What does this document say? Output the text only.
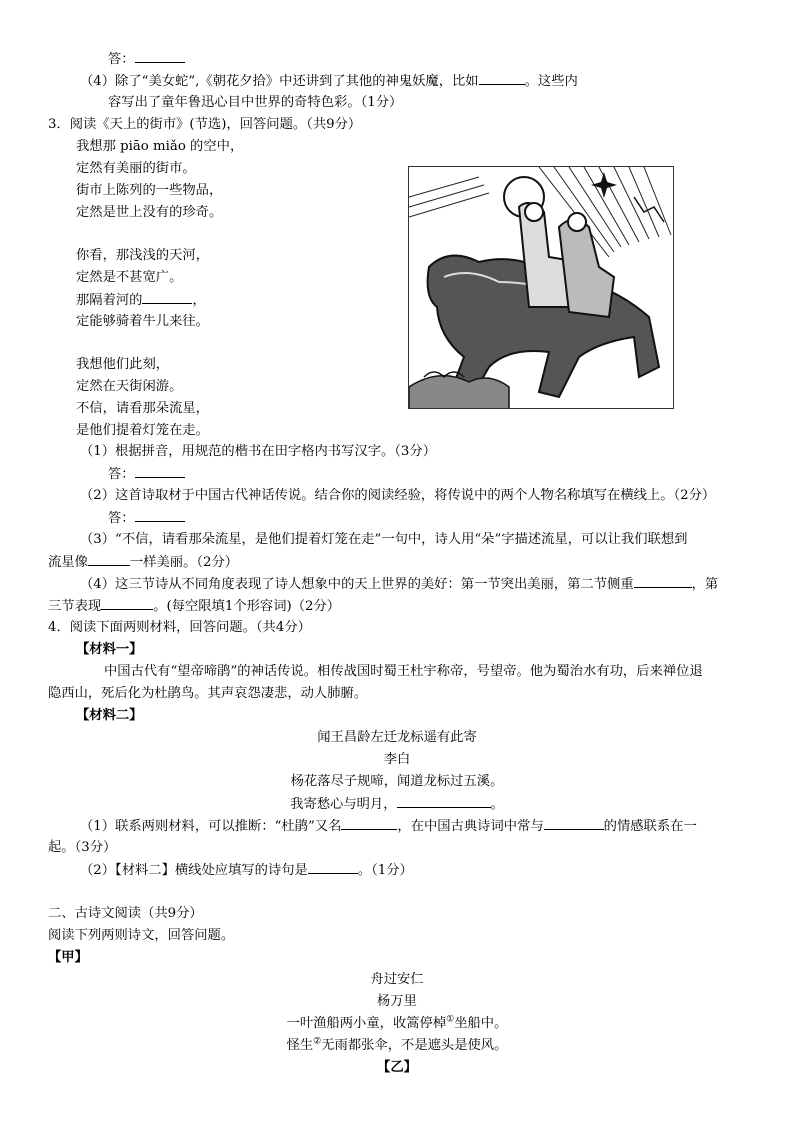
答：
（4）除了“美女蛇”,《朝花夕拾》中还讲到了其他的神鬼妖魔，比如	。这些内
容写出了童年鲁迅心目中世界的奇特色彩。（1分）
3．阅读《天上的街市》(节选)，回答问题。（共9分）
我想那 piāo miǎo 的空中，
定然有美丽的街市。
街市上陈列的一些物品，
定然是世上没有的珍奇。
你看，那浅浅的天河，
定然是不甚宽广。
那隔着河的	，
定能够骑着牛儿来往。
我想他们此刻，
定然在天街闲游。
不信，请看那朵流星，
是他们提着灯笼在走。
（1）根据拼音，用规范的楷书在田字格内书写汉字。（3分）
答：
（2）这首诗取材于中国古代神话传说。结合你的阅读经验，将传说中的两个人物名称填写在横线上。（2分）
答：
（3）“不信，请看那朵流星，是他们提着灯笼在走”一句中，诗人用“朵”字描述流星，可以让我们联想到
流星像	一样美丽。（2分）
（4）这三节诗从不同角度表现了诗人想象中的天上世界的美好：第一节突出美丽，第二节侧重	，第
三节表现	。(每空限填1个形容词)（2分）
4．阅读下面两则材料，回答问题。（共4分）
【材料一】
中国古代有“望帝啼鹃”的神话传说。相传战国时蜀王杜宇称帝，号望帝。他为蜀治水有功，后来禅位退
隐西山，死后化为杜鹃鸟。其声哀怨凄悲，动人肺腑。
【材料二】
闻王昌龄左迁龙标遥有此寄
李白
杨花落尽子规啼，闻道龙标过五溪。
我寄愁心与明月，	。
（1）联系两则材料，可以推断：“杜鹃”又名	，在中国古典诗词中常与	的情感联系在一
起。（3分）
（2）【材料二】横线处应填写的诗句是	。（1分）
二、古诗文阅读（共9分）
阅读下列两则诗文，回答问题。
【甲】
舟过安仁
杨万里
一叶渔船两小童，收篙停棹①坐船中。
怪生②无雨都张伞，不是遮头是使风。
【乙】
